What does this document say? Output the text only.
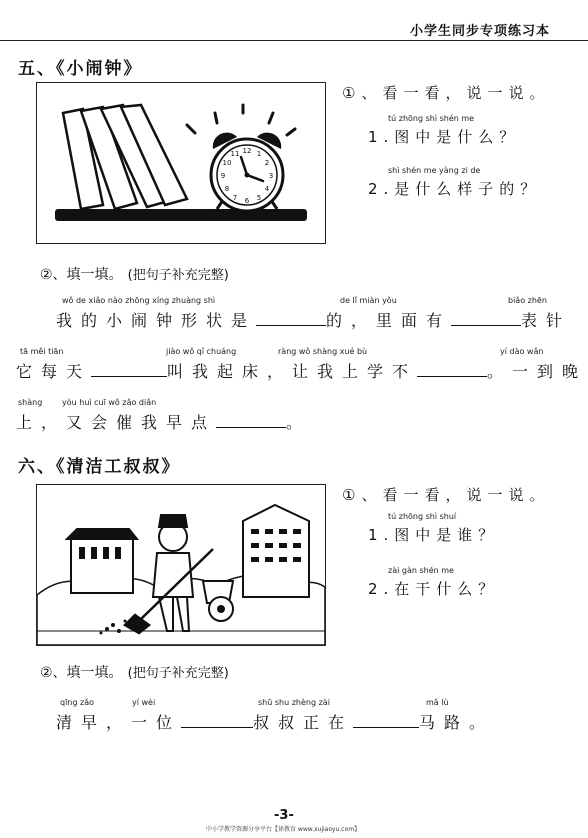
小学生同步专项练习本
五、《小闹钟》
12 1
2
3
4
5
6
7
8
9
10
11
①、看一看，说一说。
tú zhōng shì shén me
1.图中是什么？
shì shén me yàng zi de
2.是什么样子的？
②、填一填。 (把句子补充完整)
wǒ de xiǎo nào zhōng xíng zhuàng shì	de lǐ miàn yǒu	biǎo zhēn
我的小闹钟形状是	的，里面有	表针
tā měi tiān	jiào wǒ qǐ chuáng	ràng wǒ shàng xué bù	yí dào wǎn
它每天	叫我起床，让我上学不	。一到晚
shàng yòu huì cuī wǒ zǎo diǎn
上，又会催我早点	。
六、《清洁工叔叔》
①、看一看，说一说。
tú zhōng shì shuí
1.图中是谁？
zài gàn shén me
2.在干什么？
②、填一填。 (把句子补充完整)
qīng zǎo	yí wèi	shū shu zhèng zài	mǎ lù
清早，一位	叔叔正在	马路。
-3-
中小学教学资源分享平台【徐教育 www.xujiaoyu.com】
